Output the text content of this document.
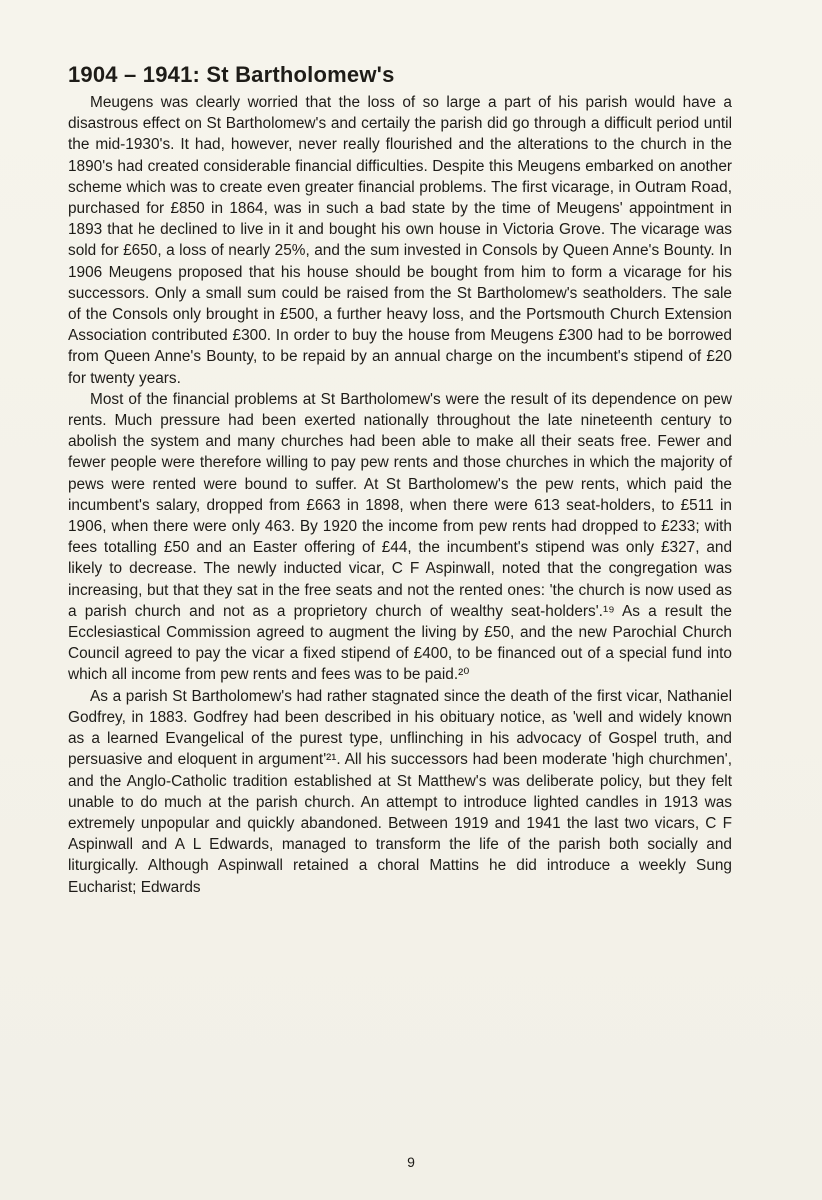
1904 – 1941: St Bartholomew's

Meugens was clearly worried that the loss of so large a part of his parish would have a disastrous effect on St Bartholomew's and certaily the parish did go through a difficult period until the mid-1930's. It had, however, never really flourished and the alterations to the church in the 1890's had created considerable financial difficulties. Despite this Meugens embarked on another scheme which was to create even greater financial problems. The first vicarage, in Outram Road, purchased for £850 in 1864, was in such a bad state by the time of Meugens' appointment in 1893 that he declined to live in it and bought his own house in Victoria Grove. The vicarage was sold for £650, a loss of nearly 25%, and the sum invested in Consols by Queen Anne's Bounty. In 1906 Meugens proposed that his house should be bought from him to form a vicarage for his successors. Only a small sum could be raised from the St Bartholomew's seatholders. The sale of the Consols only brought in £500, a further heavy loss, and the Portsmouth Church Extension Association contributed £300. In order to buy the house from Meugens £300 had to be borrowed from Queen Anne's Bounty, to be repaid by an annual charge on the incumbent's stipend of £20 for twenty years.

Most of the financial problems at St Bartholomew's were the result of its dependence on pew rents. Much pressure had been exerted nationally throughout the late nineteenth century to abolish the system and many churches had been able to make all their seats free. Fewer and fewer people were therefore willing to pay pew rents and those churches in which the majority of pews were rented were bound to suffer. At St Bartholomew's the pew rents, which paid the incumbent's salary, dropped from £663 in 1898, when there were 613 seat-holders, to £511 in 1906, when there were only 463. By 1920 the income from pew rents had dropped to £233; with fees totalling £50 and an Easter offering of £44, the incumbent's stipend was only £327, and likely to decrease. The newly inducted vicar, C F Aspinwall, noted that the congregation was increasing, but that they sat in the free seats and not the rented ones: 'the church is now used as a parish church and not as a proprietory church of wealthy seat-holders'.¹⁹ As a result the Ecclesiastical Commission agreed to augment the living by £50, and the new Parochial Church Council agreed to pay the vicar a fixed stipend of £400, to be financed out of a special fund into which all income from pew rents and fees was to be paid.²⁰

As a parish St Bartholomew's had rather stagnated since the death of the first vicar, Nathaniel Godfrey, in 1883. Godfrey had been described in his obituary notice, as 'well and widely known as a learned Evangelical of the purest type, unflinching in his advocacy of Gospel truth, and persuasive and eloquent in argument'²¹. All his successors had been moderate 'high churchmen', and the Anglo-Catholic tradition established at St Matthew's was deliberate policy, but they felt unable to do much at the parish church. An attempt to introduce lighted candles in 1913 was extremely unpopular and quickly abandoned. Between 1919 and 1941 the last two vicars, C F Aspinwall and A L Edwards, managed to transform the life of the parish both socially and liturgically. Although Aspinwall retained a choral Mattins he did introduce a weekly Sung Eucharist; Edwards

9
